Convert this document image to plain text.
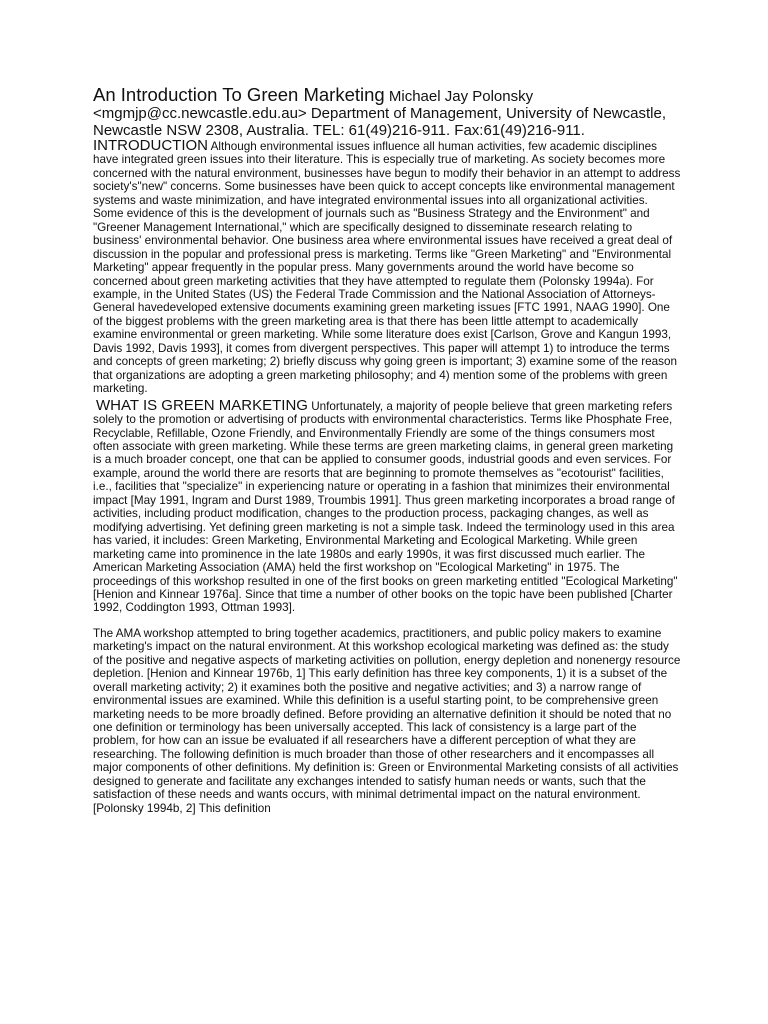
An Introduction To Green Marketing Michael Jay Polonsky <mgmjp@cc.newcastle.edu.au> Department of Management, University of Newcastle, Newcastle NSW 2308, Australia. TEL: 61(49)216-911. Fax:61(49)216-911.

INTRODUCTION Although environmental issues influence all human activities, few academic disciplines have integrated green issues into their literature. This is especially true of marketing. As society becomes more concerned with the natural environment, businesses have begun to modify their behavior in an attempt to address society's"new" concerns. Some businesses have been quick to accept concepts like environmental management systems and waste minimization, and have integrated environmental issues into all organizational activities. Some evidence of this is the development of journals such as "Business Strategy and the Environment" and "Greener Management International," which are specifically designed to disseminate research relating to business' environmental behavior. One business area where environmental issues have received a great deal of discussion in the popular and professional press is marketing. Terms like "Green Marketing" and "Environmental Marketing" appear frequently in the popular press. Many governments around the world have become so concerned about green marketing activities that they have attempted to regulate them (Polonsky 1994a). For example, in the United States (US) the Federal Trade Commission and the National Association of Attorneys-General havedeveloped extensive documents examining green marketing issues [FTC 1991, NAAG 1990]. One of the biggest problems with the green marketing area is that there has been little attempt to academically examine environmental or green marketing. While some literature does exist [Carlson, Grove and Kangun 1993, Davis 1992, Davis 1993], it comes from divergent perspectives. This paper will attempt 1) to introduce the terms and concepts of green marketing; 2) briefly discuss why going green is important; 3) examine some of the reason that organizations are adopting a green marketing philosophy; and 4) mention some of the problems with green marketing.

WHAT IS GREEN MARKETING Unfortunately, a majority of people believe that green marketing refers solely to the promotion or advertising of products with environmental characteristics. Terms like Phosphate Free, Recyclable, Refillable, Ozone Friendly, and Environmentally Friendly are some of the things consumers most often associate with green marketing. While these terms are green marketing claims, in general green marketing is a much broader concept, one that can be applied to consumer goods, industrial goods and even services. For example, around the world there are resorts that are beginning to promote themselves as "ecotourist" facilities, i.e., facilities that "specialize" in experiencing nature or operating in a fashion that minimizes their environmental impact [May 1991, Ingram and Durst 1989, Troumbis 1991]. Thus green marketing incorporates a broad range of activities, including product modification, changes to the production process, packaging changes, as well as modifying advertising. Yet defining green marketing is not a simple task. Indeed the terminology used in this area has varied, it includes: Green Marketing, Environmental Marketing and Ecological Marketing. While green marketing came into prominence in the late 1980s and early 1990s, it was first discussed much earlier. The American Marketing Association (AMA) held the first workshop on "Ecological Marketing" in 1975. The proceedings of this workshop resulted in one of the first books on green marketing entitled "Ecological Marketing" [Henion and Kinnear 1976a]. Since that time a number of other books on the topic have been published [Charter 1992, Coddington 1993, Ottman 1993].

The AMA workshop attempted to bring together academics, practitioners, and public policy makers to examine marketing's impact on the natural environment. At this workshop ecological marketing was defined as: the study of the positive and negative aspects of marketing activities on pollution, energy depletion and nonenergy resource depletion. [Henion and Kinnear 1976b, 1] This early definition has three key components, 1) it is a subset of the overall marketing activity; 2) it examines both the positive and negative activities; and 3) a narrow range of environmental issues are examined. While this definition is a useful starting point, to be comprehensive green marketing needs to be more broadly defined. Before providing an alternative definition it should be noted that no one definition or terminology has been universally accepted. This lack of consistency is a large part of the problem, for how can an issue be evaluated if all researchers have a different perception of what they are researching. The following definition is much broader than those of other researchers and it encompasses all major components of other definitions. My definition is: Green or Environmental Marketing consists of all activities designed to generate and facilitate any exchanges intended to satisfy human needs or wants, such that the satisfaction of these needs and wants occurs, with minimal detrimental impact on the natural environment. [Polonsky 1994b, 2] This definition
